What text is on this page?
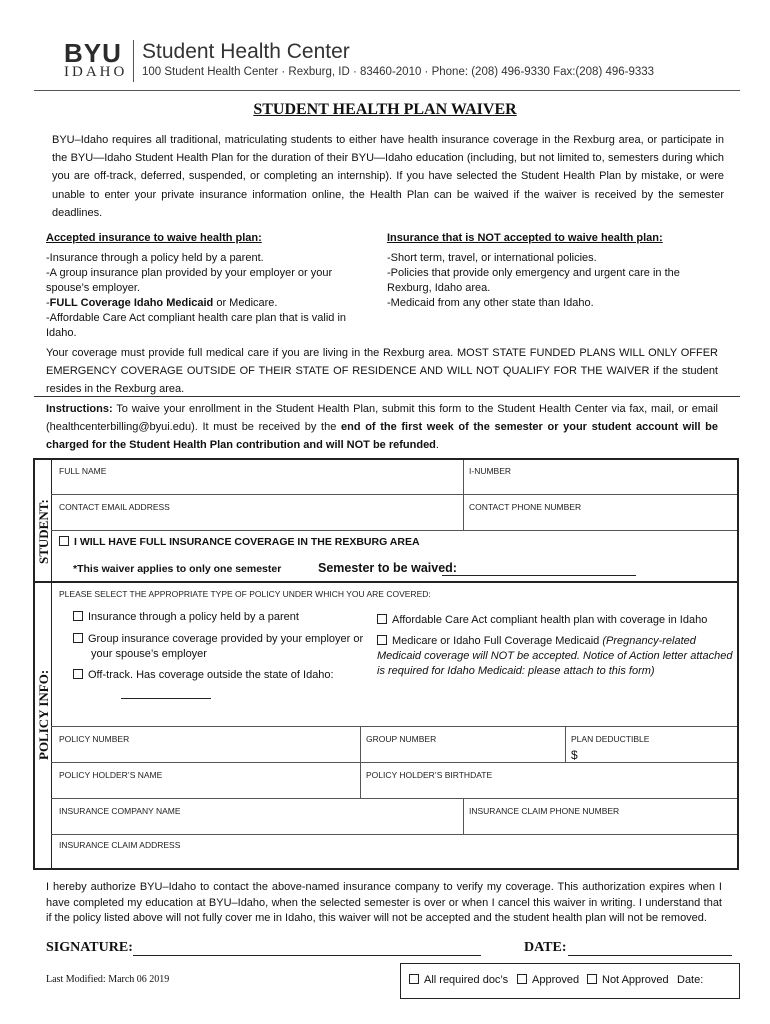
BYU
IDAHO
Student Health Center
100 Student Health Center · Rexburg, ID · 83460-2010 · Phone: (208) 496-9330 Fax:(208) 496-9333
STUDENT HEALTH PLAN WAIVER
BYU–Idaho requires all traditional, matriculating students to either have health insurance coverage in the Rexburg area, or participate in the BYU—Idaho Student Health Plan for the duration of their BYU—Idaho education (including, but not limited to, semesters during which you are off-track, deferred, suspended, or completing an internship). If you have selected the Student Health Plan by mistake, or were unable to enter your private insurance information online, the Health Plan can be waived if the waiver is received by the semester deadlines.
Accepted insurance to waive health plan:	Insurance that is NOT accepted to waive health plan:
-Insurance through a policy held by a parent.
-A group insurance plan provided by your employer or your spouse’s employer.
-FULL Coverage Idaho Medicaid or Medicare.
-Affordable Care Act compliant health care plan that is valid in Idaho.
-Short term, travel, or international policies.
-Policies that provide only emergency and urgent care in the Rexburg, Idaho area.
-Medicaid from any other state than Idaho.
Your coverage must provide full medical care if you are living in the Rexburg area. MOST STATE FUNDED PLANS WILL ONLY OFFER EMERGENCY COVERAGE OUTSIDE OF THEIR STATE OF RESIDENCE AND WILL NOT QUALIFY FOR THE WAIVER if the student resides in the Rexburg area.
Instructions: To waive your enrollment in the Student Health Plan, submit this form to the Student Health Center via fax, mail, or email (healthcenterbilling@byui.edu). It must be received by the end of the first week of the semester or your student account will be charged for the Student Health Plan contribution and will NOT be refunded.
STUDENT:
POLICY INFO:
FULL NAME	I-NUMBER
CONTACT EMAIL ADDRESS	CONTACT PHONE NUMBER
I WILL HAVE FULL INSURANCE COVERAGE IN THE REXBURG AREA
*This waiver applies to only one semester	Semester to be waived:
PLEASE SELECT THE APPROPRIATE TYPE OF POLICY UNDER WHICH YOU ARE COVERED:
Insurance through a policy held by a parent	Affordable Care Act compliant health plan with coverage in Idaho
Group insurance coverage provided by your employer or
your spouse’s employer
Medicare or Idaho Full Coverage Medicaid (Pregnancy-related Medicaid coverage will NOT be accepted. Notice of Action letter attached is required for Idaho Medicaid: please attach to this form)
Off-track. Has coverage outside the state of Idaho:
POLICY NUMBER	GROUP NUMBER	PLAN DEDUCTIBLE
$
POLICY HOLDER’S NAME	POLICY HOLDER’S BIRTHDATE
INSURANCE COMPANY NAME	INSURANCE CLAIM PHONE NUMBER
INSURANCE CLAIM ADDRESS
I hereby authorize BYU–Idaho to contact the above-named insurance company to verify my coverage. This authorization expires when I have completed my education at BYU–Idaho, when the selected semester is over or when I cancel this waiver in writing. I understand that if the policy listed above will not fully cover me in Idaho, this waiver will not be accepted and the student health plan will not be removed.
SIGNATURE:	DATE:
Last Modified: March 06 2019	All required doc’s	Approved	Not Approved Date:
